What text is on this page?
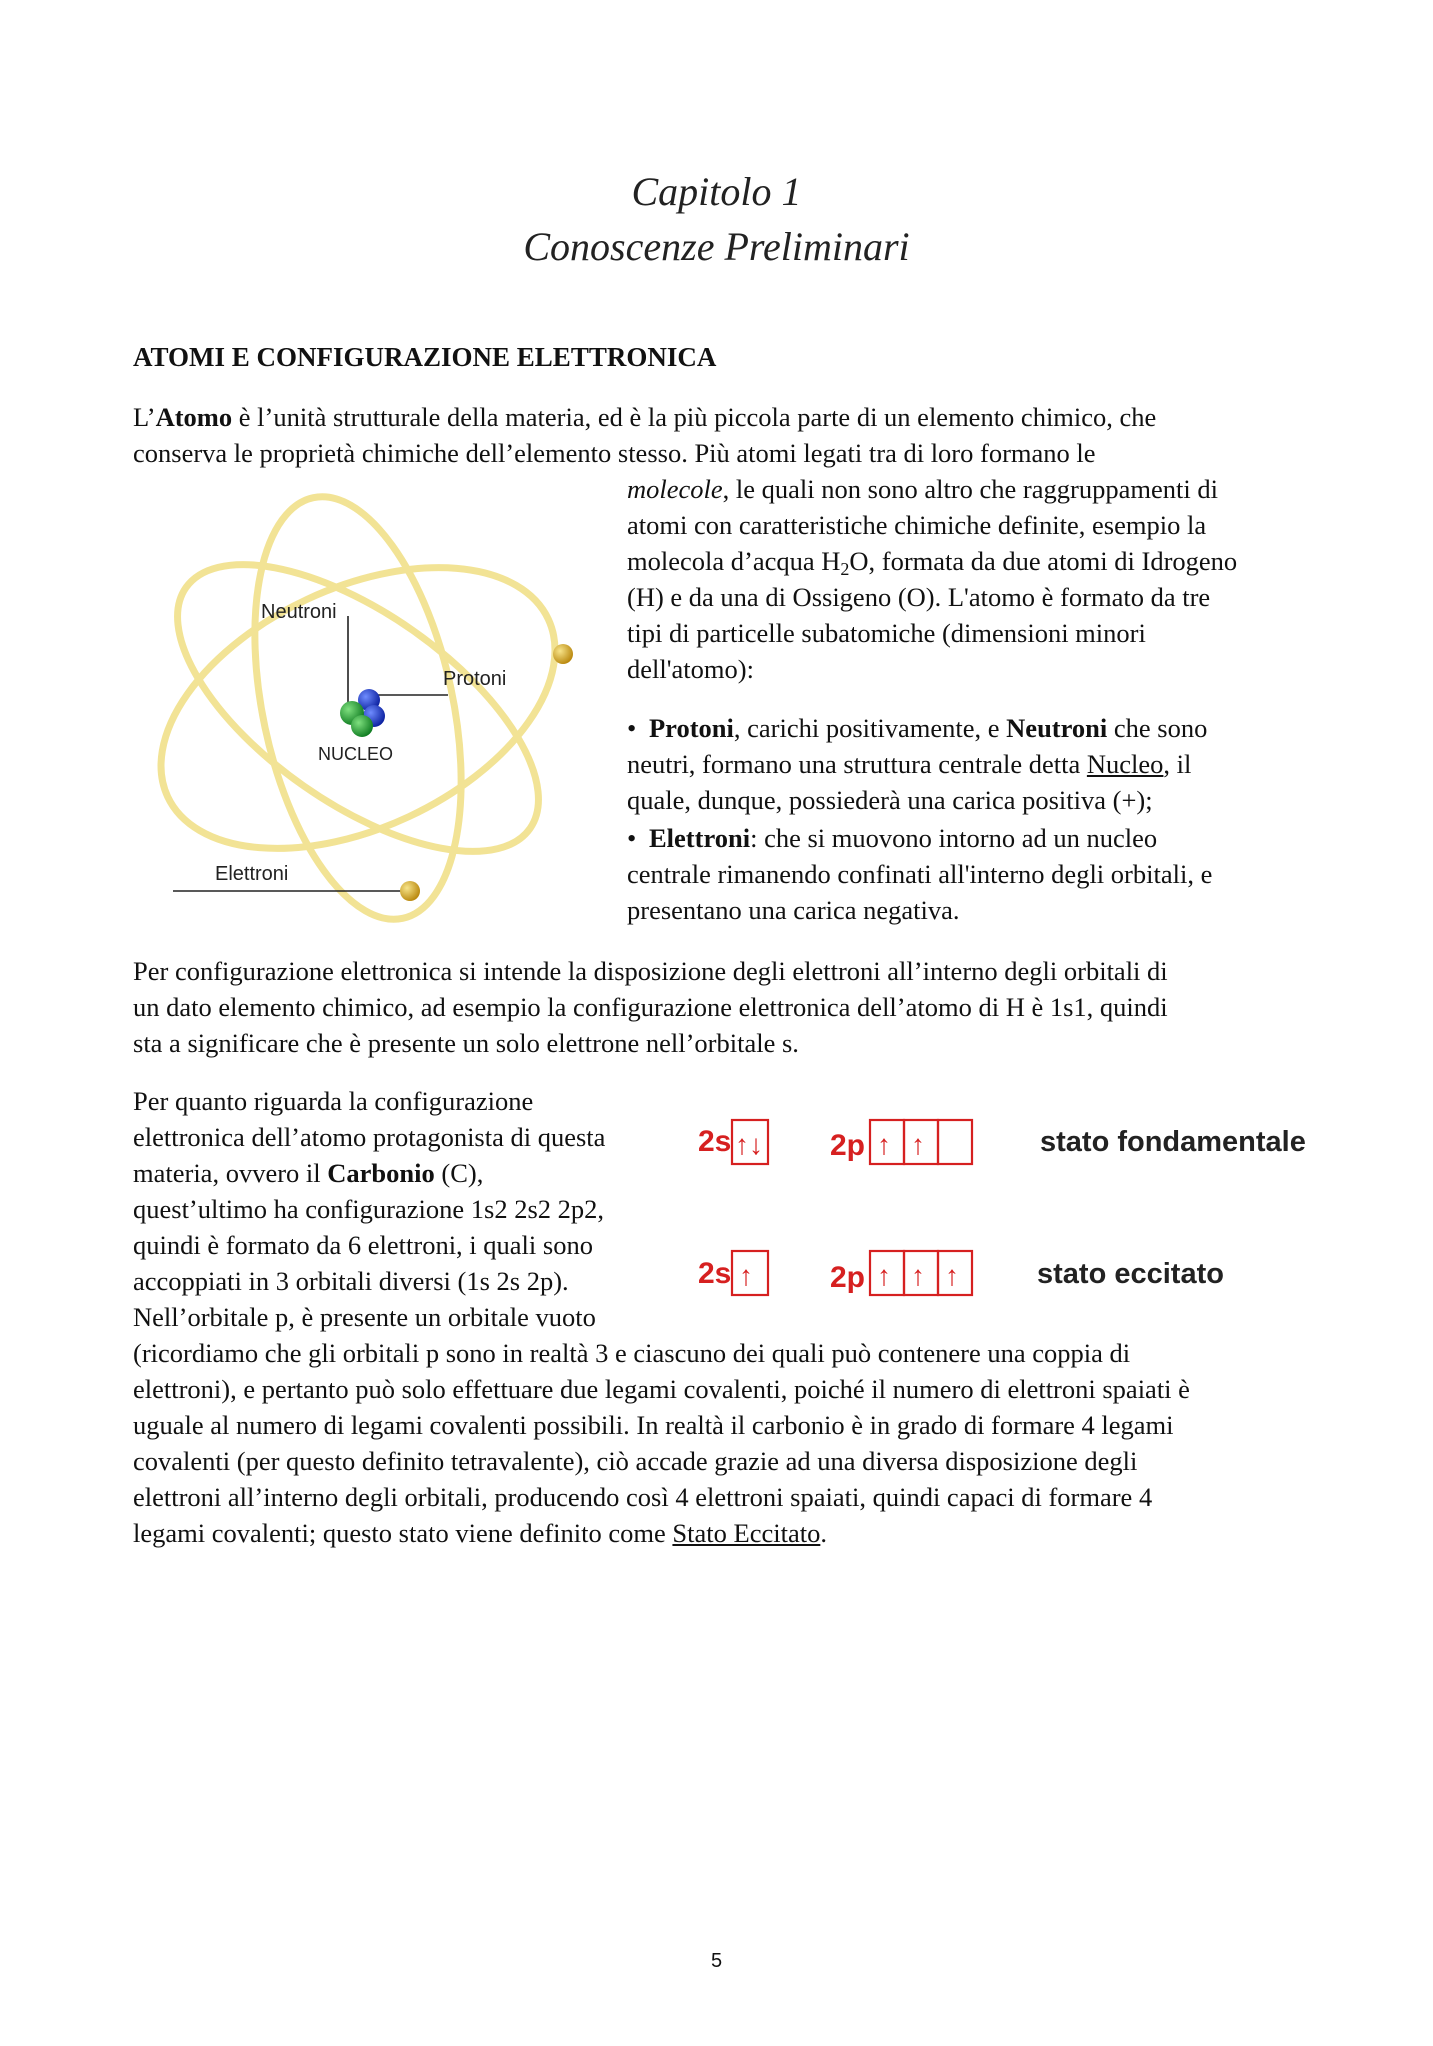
Capitolo 1
Conoscenze Preliminari
ATOMI E CONFIGURAZIONE ELETTRONICA
L’Atomo è l’unità strutturale della materia, ed è la più piccola parte di un elemento chimico, che
conserva le proprietà chimiche dell’elemento stesso. Più atomi legati tra di loro formano le
molecole, le quali non sono altro che raggruppamenti di
atomi con caratteristiche chimiche definite, esempio la
molecola d’acqua $H_2O$, formata da due atomi di Idrogeno
(H) e da una di Ossigeno (O). L'atomo è formato da tre
tipi di particelle subatomiche (dimensioni minori
dell'atomo):
• Protoni, carichi positivamente, e Neutroni che sono
neutri, formano una struttura centrale detta Nucleo, il
quale, dunque, possiederà una carica positiva (+);
• Elettroni: che si muovono intorno ad un nucleo
centrale rimanendo confinati all'interno degli orbitali, e
presentano una carica negativa.
Neutroni
Protoni
NUCLEO
Elettroni
Per configurazione elettronica si intende la disposizione degli elettroni all’interno degli orbitali di
un dato elemento chimico, ad esempio la configurazione elettronica dell’atomo di H è 1s1, quindi
sta a significare che è presente un solo elettrone nell’orbitale s.
Per quanto riguarda la configurazione
elettronica dell’atomo protagonista di questa
materia, ovvero il Carbonio (C),
quest’ultimo ha configurazione 1s2 2s2 2p2,
quindi è formato da 6 elettroni, i quali sono
accoppiati in 3 orbitali diversi (1s 2s 2p).
Nell’orbitale p, è presente un orbitale vuoto
(ricordiamo che gli orbitali p sono in realtà 3 e ciascuno dei quali può contenere una coppia di
elettroni), e pertanto può solo effettuare due legami covalenti, poiché il numero di elettroni spaiati è
uguale al numero di legami covalenti possibili. In realtà il carbonio è in grado di formare 4 legami
covalenti (per questo definito tetravalente), ciò accade grazie ad una diversa disposizione degli
elettroni all’interno degli orbitali, producendo così 4 elettroni spaiati, quindi capaci di formare 4
legami covalenti; questo stato viene definito come Stato Eccitato.
2s ↑↓ 2p ↑ ↑	stato fondamentale
2s ↑	2p ↑ ↑ ↑	stato eccitato
5
